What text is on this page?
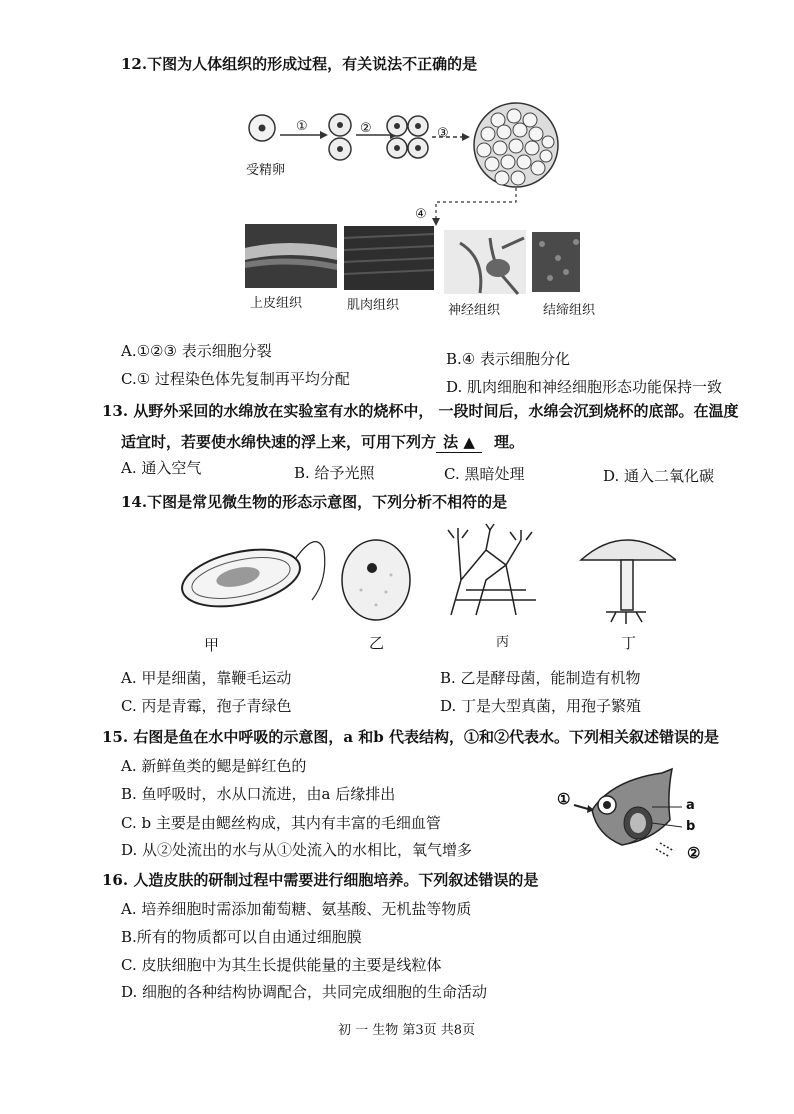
12.下图为人体组织的形成过程，有关说法不正确的是
受精卵
①	②	③
④
上皮组织	肌肉组织	神经组织	结缔组织
A.①②③ 表示细胞分裂	B.④ 表示细胞分化
C.① 过程染色体先复制再平均分配	D. 肌肉细胞和神经细胞形态功能保持一致
13. 从野外采回的水绵放在实验室有水的烧杯中， 一段时间后，水绵会沉到烧杯的底部。在温度
适宜时，若要使水绵快速的浮上来，可用下列方 法 ▲ 理。
A. 通入空气	B. 给予光照	C. 黑暗处理	D. 通入二氧化碳
14.下图是常见微生物的形态示意图，下列分析不相符的是
甲	乙	丙	丁
A. 甲是细菌，靠鞭毛运动	B. 乙是酵母菌，能制造有机物
C. 丙是青霉，孢子青绿色	D. 丁是大型真菌，用孢子繁殖
15. 右图是鱼在水中呼吸的示意图，a 和b 代表结构，①和②代表水。下列相关叙述错误的是
A. 新鲜鱼类的鳃是鲜红色的
B. 鱼呼吸时，水从口流进，由a 后缘排出
C. b 主要是由鳃丝构成，其内有丰富的毛细血管
D. 从②处流出的水与从①处流入的水相比，氧气增多
①	a
b
②
16. 人造皮肤的研制过程中需要进行细胞培养。下列叙述错误的是
A. 培养细胞时需添加葡萄糖、氨基酸、无机盐等物质
B.所有的物质都可以自由通过细胞膜
C. 皮肤细胞中为其生长提供能量的主要是线粒体
D. 细胞的各种结构协调配合，共同完成细胞的生命活动
初 一 生物 第3页 共8页
